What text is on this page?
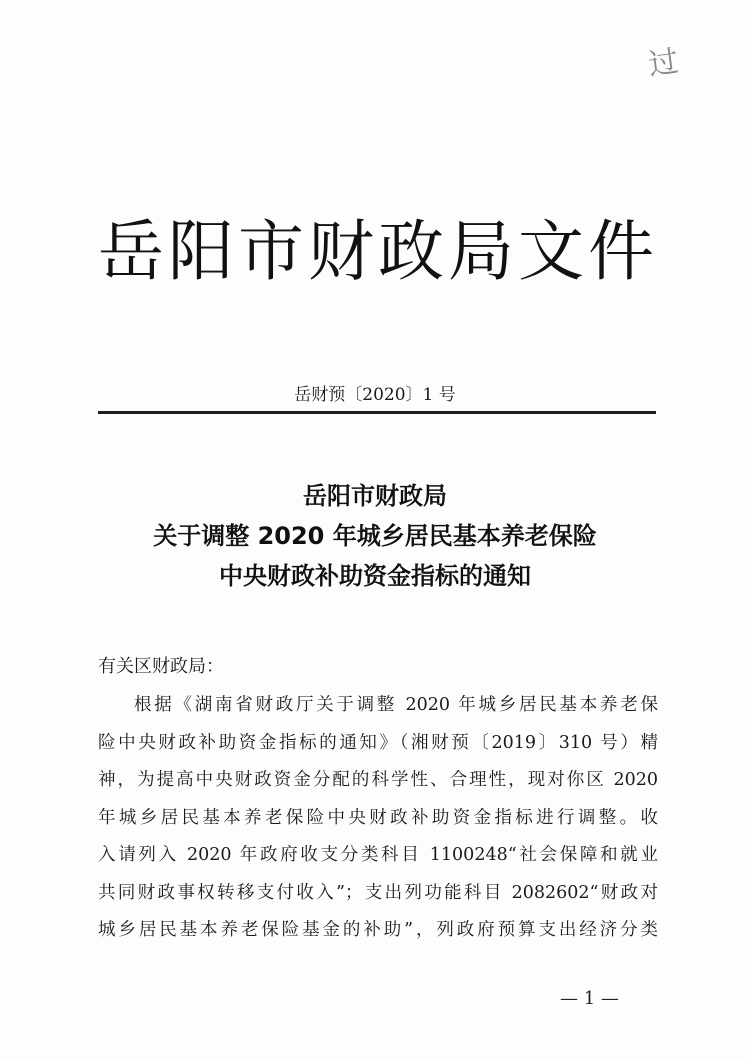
过
岳阳市财政局文件
岳财预〔2020〕1 号
岳阳市财政局
关于调整 2020 年城乡居民基本养老保险
中央财政补助资金指标的通知
有关区财政局：
根据《湖南省财政厅关于调整 2020 年城乡居民基本养老保
险中央财政补助资金指标的通知》（湘财预〔2019〕310 号）精
神，为提高中央财政资金分配的科学性、合理性，现对你区 2020
年城乡居民基本养老保险中央财政补助资金指标进行调整。收
入请列入 2020 年政府收支分类科目 1100248“社会保障和就业
共同财政事权转移支付收入”；支出列功能科目 2082602“财政对
城乡居民基本养老保险基金的补助”，列政府预算支出经济分类
— 1 —
